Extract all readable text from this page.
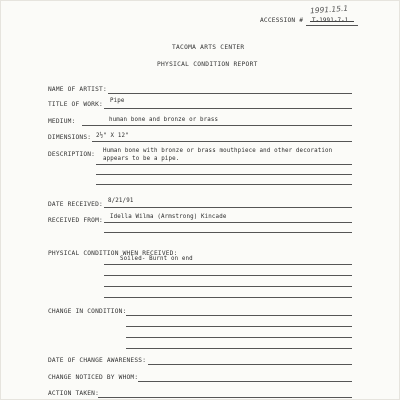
ACCESSION #
1991.15.1
T-1991-7-1
TACOMA ARTS CENTER
PHYSICAL CONDITION REPORT
NAME OF ARTIST:
TITLE OF WORK: Pipe
MEDIUM:	human bone and bronze or brass
DIMENSIONS: 2½" X 12"
DESCRIPTION: Human bone with bronze or brass mouthpiece and other decoration
appears to be a pipe.
DATE RECEIVED: 8/21/91
RECEIVED FROM: Idella Wilma (Armstrong) Kincade
PHYSICAL CONDITION WHEN RECEIVED:
Soiled- Burnt on end
CHANGE IN CONDITION:
DATE OF CHANGE AWARENESS:
CHANGE NOTICED BY WHOM:
ACTION TAKEN:
